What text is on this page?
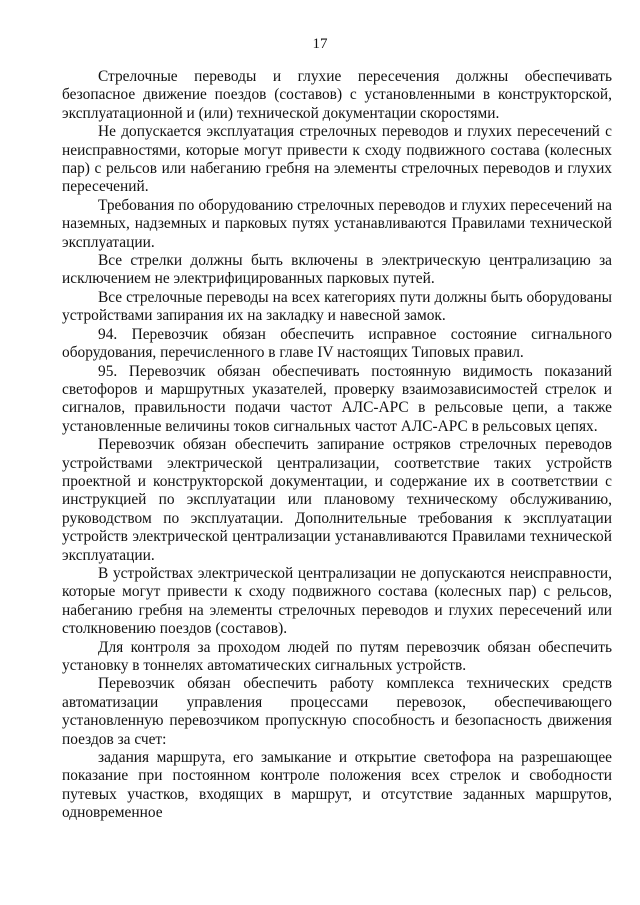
17

Стрелочные переводы и глухие пересечения должны обеспечивать безопасное движение поездов (составов) с установленными в конструкторской, эксплуатационной и (или) технической документации скоростями.

Не допускается эксплуатация стрелочных переводов и глухих пересечений с неисправностями, которые могут привести к сходу подвижного состава (колесных пар) с рельсов или набеганию гребня на элементы стрелочных переводов и глухих пересечений.

Требования по оборудованию стрелочных переводов и глухих пересечений на наземных, надземных и парковых путях устанавливаются Правилами технической эксплуатации.

Все стрелки должны быть включены в электрическую централизацию за исключением не электрифицированных парковых путей.

Все стрелочные переводы на всех категориях пути должны быть оборудованы устройствами запирания их на закладку и навесной замок.

94. Перевозчик обязан обеспечить исправное состояние сигнального оборудования, перечисленного в главе IV настоящих Типовых правил.

95. Перевозчик обязан обеспечивать постоянную видимость показаний светофоров и маршрутных указателей, проверку взаимозависимостей стрелок и сигналов, правильности подачи частот АЛС-АРС в рельсовые цепи, а также установленные величины токов сигнальных частот АЛС-АРС в рельсовых цепях.

Перевозчик обязан обеспечить запирание остряков стрелочных переводов устройствами электрической централизации, соответствие таких устройств проектной и конструкторской документации, и содержание их в соответствии с инструкцией по эксплуатации или плановому техническому обслуживанию, руководством по эксплуатации. Дополнительные требования к эксплуатации устройств электрической централизации устанавливаются Правилами технической эксплуатации.

В устройствах электрической централизации не допускаются неисправности, которые могут привести к сходу подвижного состава (колесных пар) с рельсов, набеганию гребня на элементы стрелочных переводов и глухих пересечений или столкновению поездов (составов).

Для контроля за проходом людей по путям перевозчик обязан обеспечить установку в тоннелях автоматических сигнальных устройств.

Перевозчик обязан обеспечить работу комплекса технических средств автоматизации управления процессами перевозок, обеспечивающего установленную перевозчиком пропускную способность и безопасность движения поездов за счет:

задания маршрута, его замыкание и открытие светофора на разрешающее показание при постоянном контроле положения всех стрелок и свободности путевых участков, входящих в маршрут, и отсутствие заданных маршрутов, одновременное
